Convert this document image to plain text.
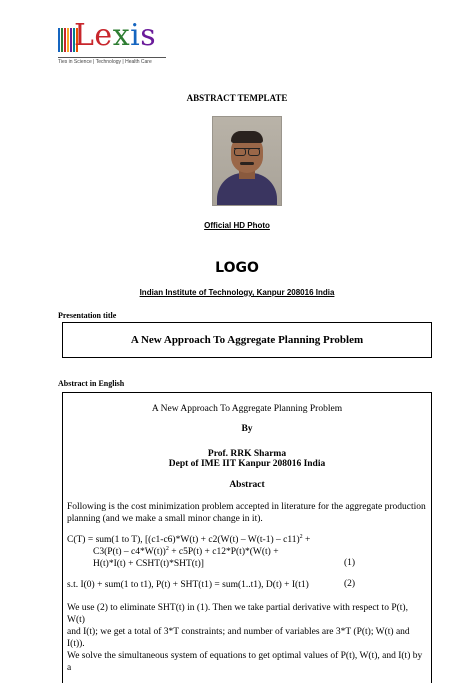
Lexis
Ties in Science | Technology | Health Care
ABSTRACT TEMPLATE
Official HD Photo
LOGO
Indian Institute of Technology, Kanpur 208016 India
Presentation title
A New Approach To Aggregate Planning Problem
Abstract in English
A New Approach To Aggregate Planning Problem
By
Prof. RRK Sharma
Dept of IME IIT Kanpur 208016 India
Abstract
Following is the cost minimization problem accepted in literature for the aggregate production
planning (and we make a small minor change in it).
C(T) = sum(1 to T), [(c1-c6)*W(t) + c2(W(t) – W(t-1) – c11)$^2$ +
C3(P(t) – c4*W(t))$^2$ + c5P(t) + c12*P(t)*(W(t) +
H(t)*I(t) + CSHT(t)*SHT(t)]	(1)
s.t. I(0) + sum(1 to t1), P(t) + SHT(t1) = sum(1..t1), D(t) + I(t1)	(2)
We use (2) to eliminate SHT(t) in (1). Then we take partial derivative with respect to P(t), W(t)
and I(t); we get a total of 3*T constraints; and number of variables are 3*T (P(t); W(t) and I(t)).
We solve the simultaneous system of equations to get optimal values of P(t), W(t), and I(t) by a
